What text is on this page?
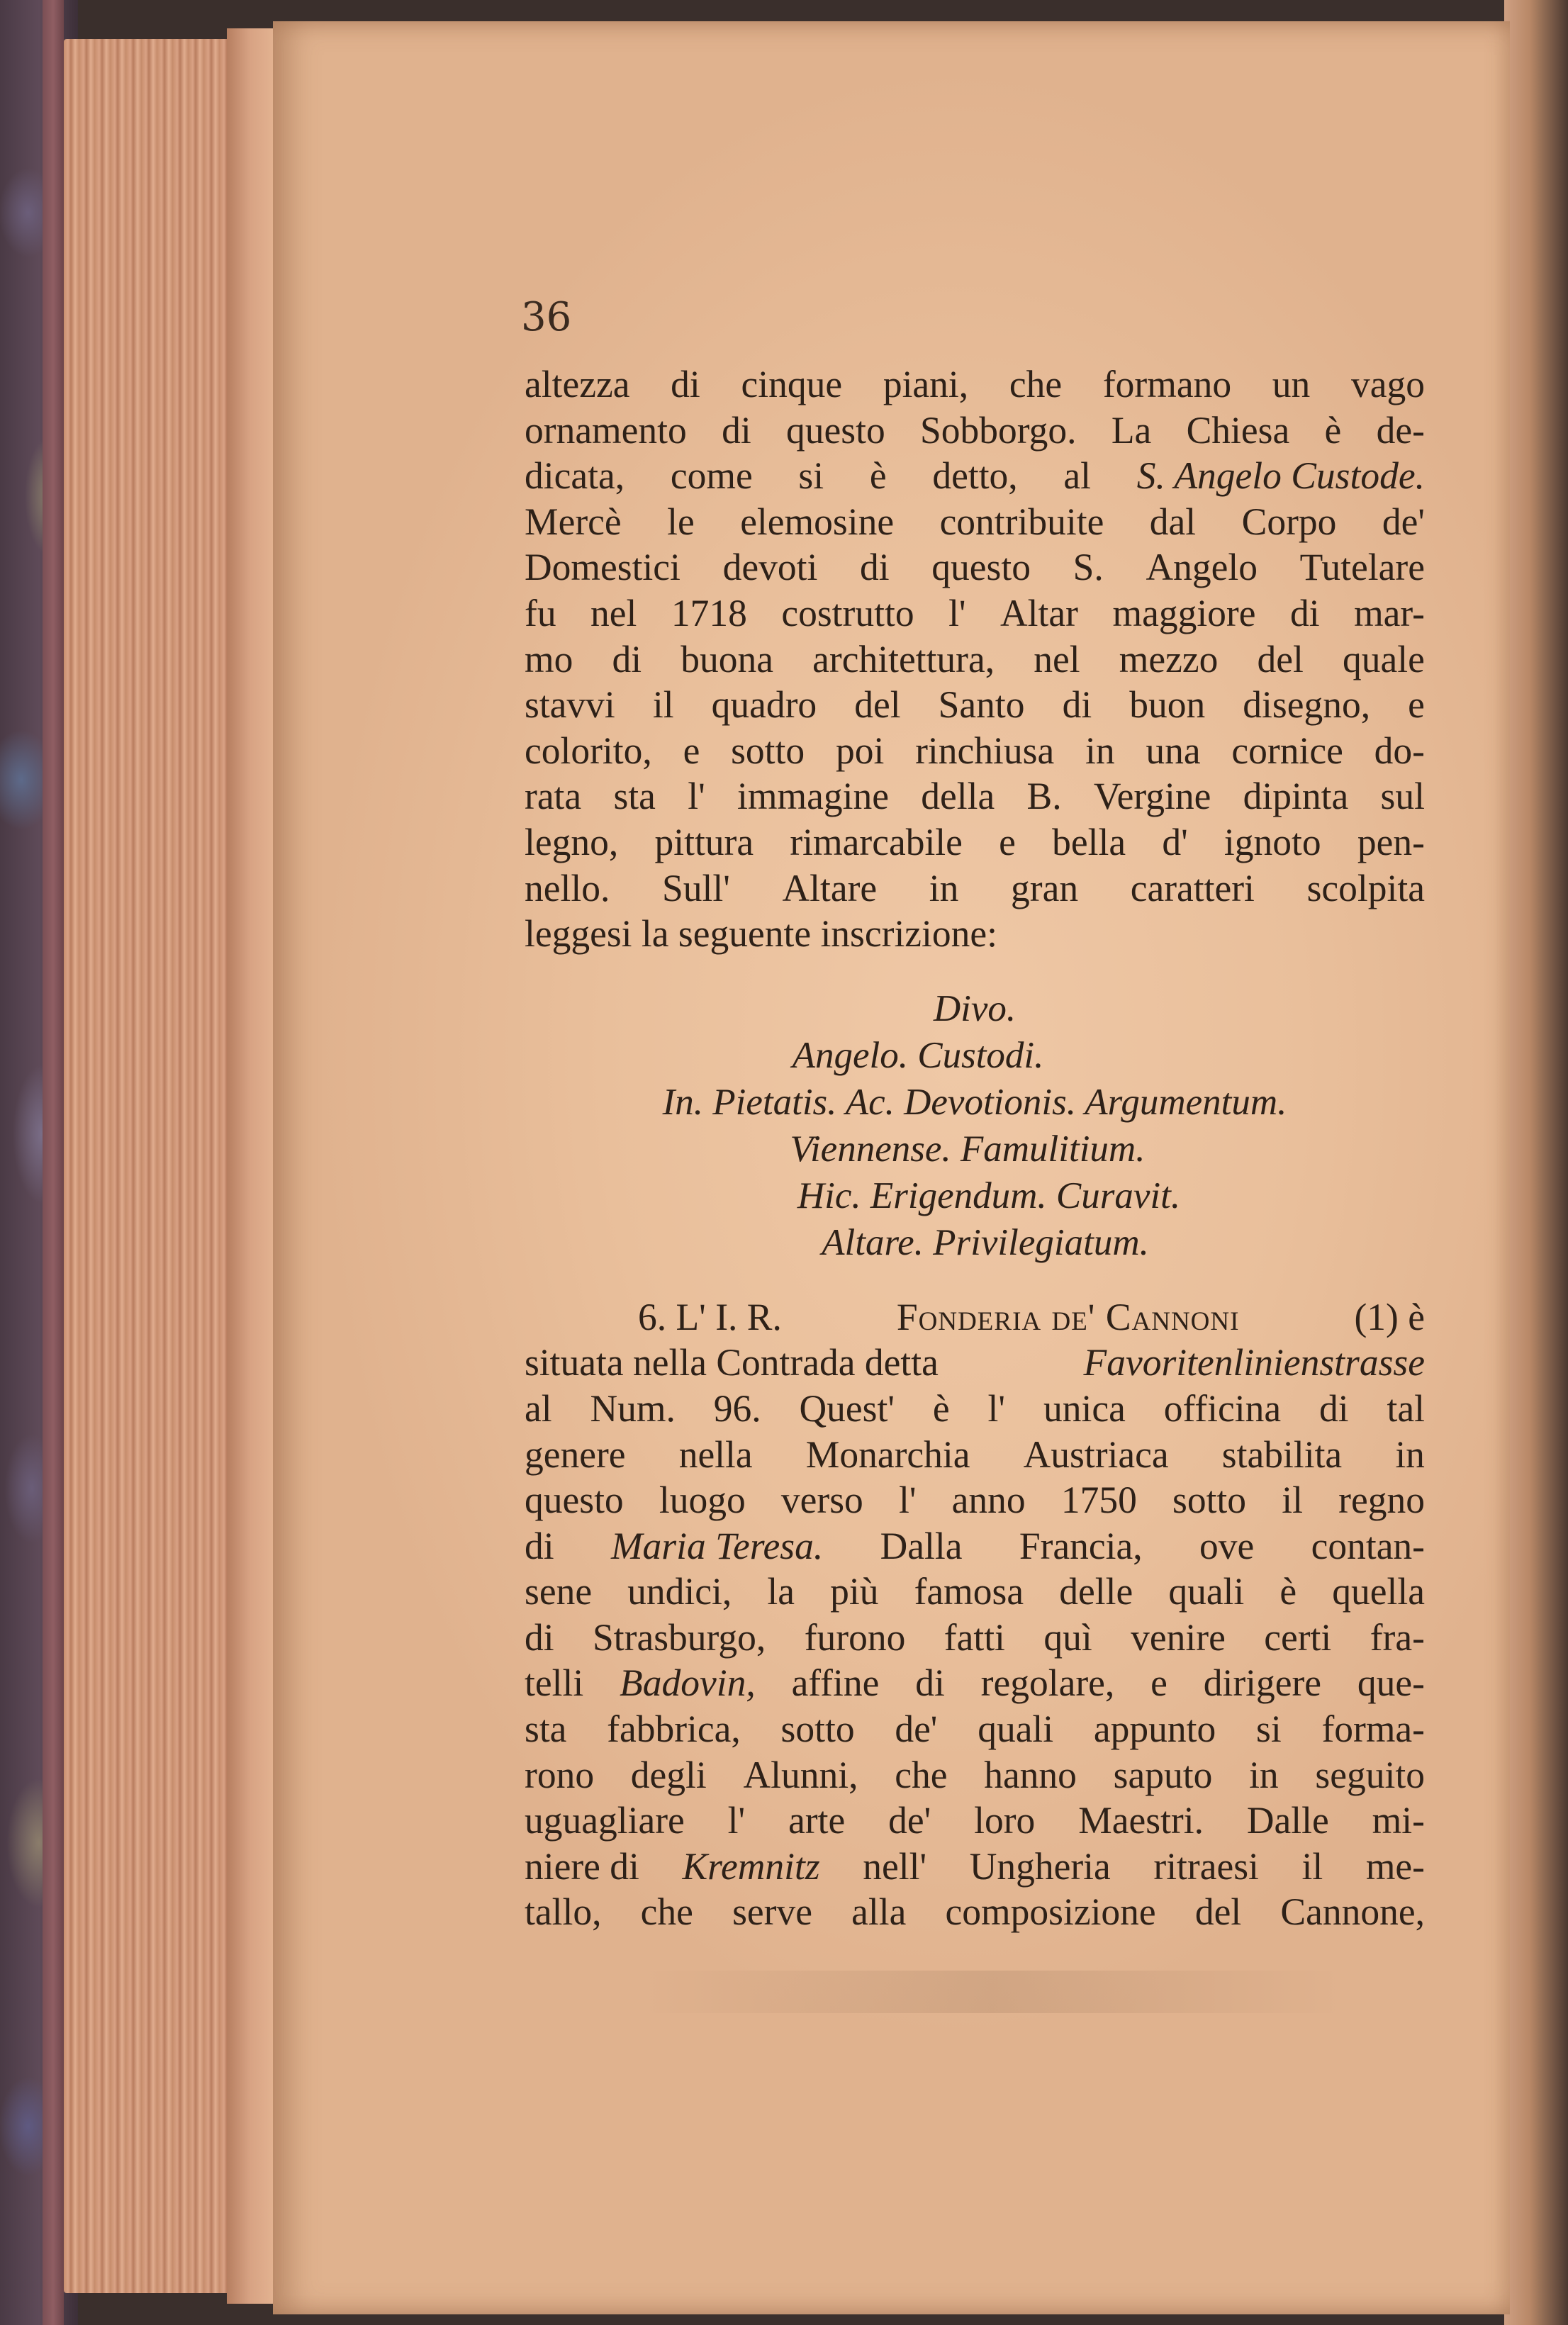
36
altezza di cinque piani, che formano un vago
ornamento di questo Sobborgo. La Chiesa è de-
dicata, come si è detto, al S. Angelo Custode.
Mercè le elemosine contribuite dal Corpo de'
Domestici devoti di questo S. Angelo Tutelare
fu nel 1718 costrutto l' Altar maggiore di mar-
mo di buona architettura, nel mezzo del quale
stavvi il quadro del Santo di buon disegno, e
colorito, e sotto poi rinchiusa in una cornice do-
rata sta l' immagine della B. Vergine dipinta sul
legno, pittura rimarcabile e bella d' ignoto pen-
nello. Sull' Altare in gran caratteri scolpita
leggesi la seguente inscrizione:
Divo.
Angelo. Custodi.
In. Pietatis. Ac. Devotionis. Argumentum.
Viennense. Famulitium.
Hic. Erigendum. Curavit.
Altare. Privilegiatum.
6. L' I. R.	Fonderia de' Cannoni	(1) è
situata nella Contrada detta	Favoritenlinienstrasse
al Num. 96. Quest' è l' unica officina di tal
genere nella Monarchia Austriaca stabilita in
questo luogo verso l' anno 1750 sotto il regno
di Maria Teresa. Dalla Francia, ove contan-
sene undici, la più famosa delle quali è quella
di Strasburgo, furono fatti quì venire certi fra-
telli Badovin, affine di regolare, e dirigere que-
sta fabbrica, sotto de' quali appunto si forma-
rono degli Alunni, che hanno saputo in seguito
uguagliare l' arte de' loro Maestri. Dalle mi-
niere di Kremnitz nell' Ungheria ritraesi il me-
tallo, che serve alla composizione del Cannone,
